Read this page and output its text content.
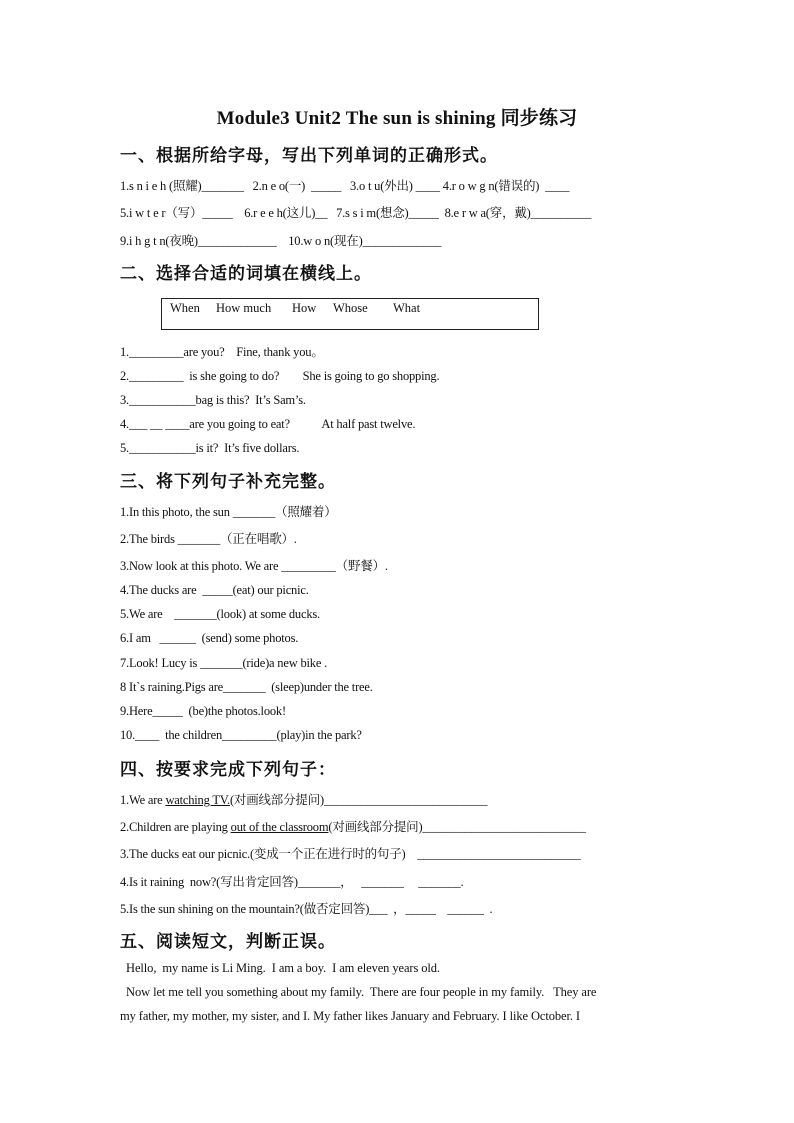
Module3 Unit2 The sun is shining 同步练习
一、根据所给字母，写出下列单词的正确形式。
1.s n i e h (照耀)_______   2.n e o(一)  _____   3.o t u(外出) ____ 4.r o w g n(错误的)  ____
5.i w t e r（写）_____    6.r e e h(这儿)__   7.s s i m(想念)_____  8.e r w a(穿，戴)__________
9.i h g t n(夜晚)_____________    10.w o n(现在)_____________
二、选择合适的词填在横线上。
When How much How Whose What
1._________are you?    Fine, thank you。
2._________  is she going to do?        She is going to go shopping.
3.___________bag is this?  It’s Sam’s.
4.___ __ ____are you going to eat?           At half past twelve.
5.___________is it?  It’s five dollars.
三、将下列句子补充完整。
1.In this photo, the sun _______（照耀着）
2.The birds _______（正在唱歌）.
3.Now look at this photo. We are _________（野餐）.
4.The ducks are  _____(eat) our picnic.
5.We are    _______(look) at some ducks.
6.I am   ______  (send) some photos.
7.Look! Lucy is _______(ride)a new bike .
8 It`s raining.Pigs are_______  (sleep)under the tree.
9.Here_____  (be)the photos.look!
10.____  the children_________(play)in the park?
四、按要求完成下列句子：
1.We are watching TV.(对画线部分提问)___________________________
2.Children are playing out of the classroom(对画线部分提问)___________________________
3.The ducks eat our picnic.(变成一个正在进行时的句子)    ___________________________
4.Is it raining  now?(写出肯定回答)_______，   _______     _______.
5.Is the sun shining on the mountain?(做否定回答)___  ，_____    ______  .
五、阅读短文，判断正误。
Hello,  my name is Li Ming.  I am a boy.  I am eleven years old.
Now let me tell you something about my family.  There are four people in my family.   They are
my father, my mother, my sister, and I. My father likes January and February. I like October. I
